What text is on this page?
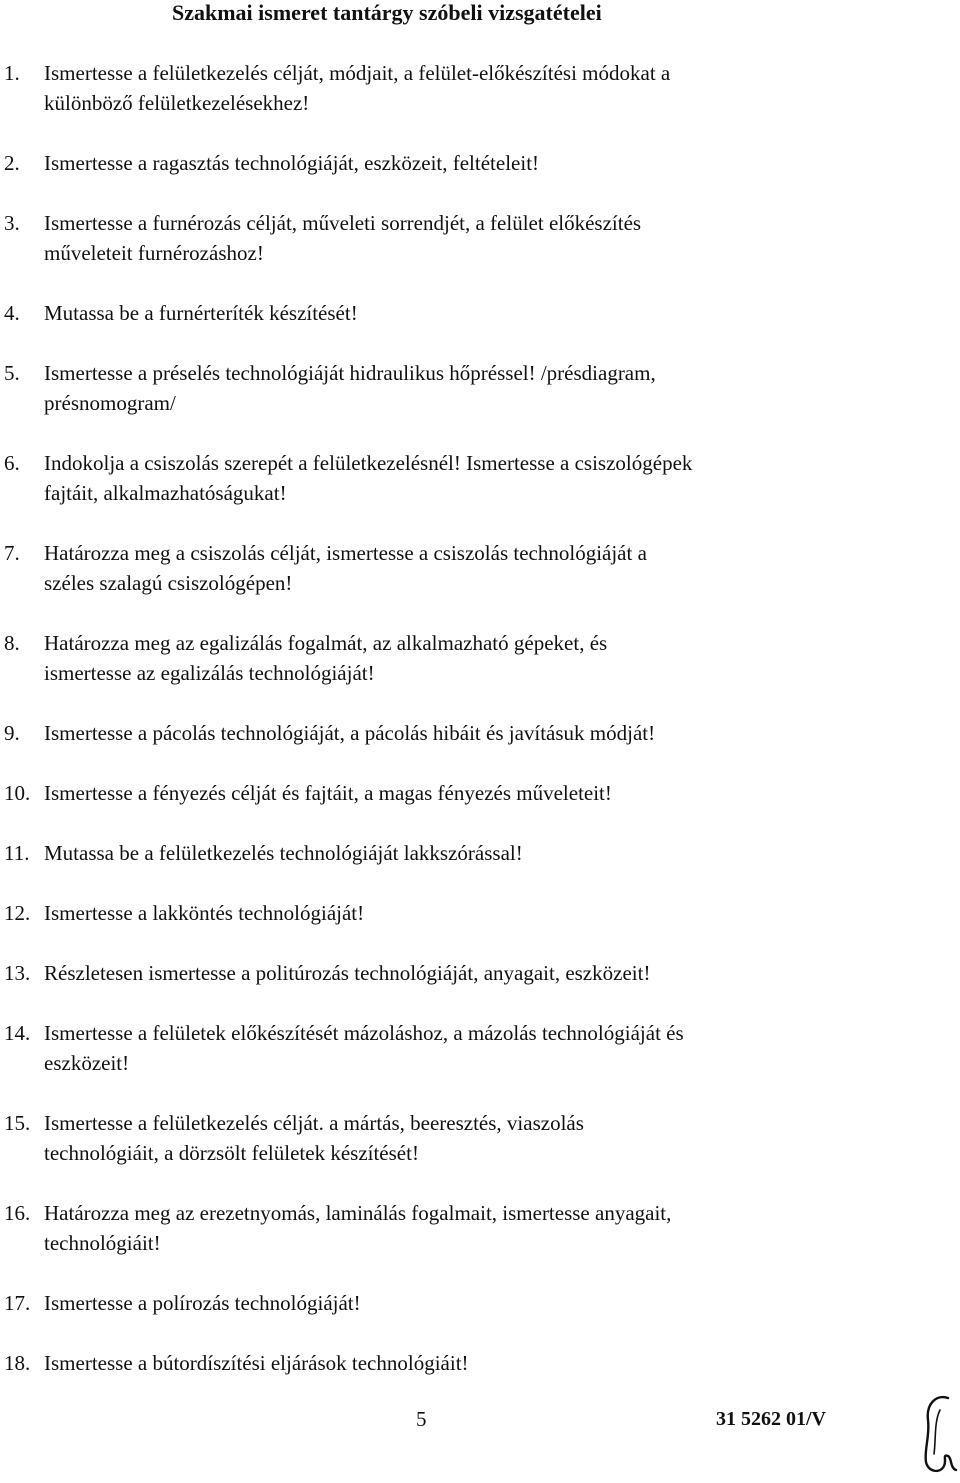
Szakmai ismeret tantárgy szóbeli vizsgatételei
1. Ismertesse a felületkezelés célját, módjait, a felület-előkészítési módokat a
különböző felületkezelésekhez!
2. Ismertesse a ragasztás technológiáját, eszközeit, feltételeit!
3. Ismertesse a furnérozás célját, műveleti sorrendjét, a felület előkészítés
műveleteit furnérozáshoz!
4. Mutassa be a furnérteríték készítését!
5. Ismertesse a préselés technológiáját hidraulikus hőpréssel! /présdiagram,
présnomogram/
6. Indokolja a csiszolás szerepét a felületkezelésnél! Ismertesse a csiszológépek
fajtáit, alkalmazhatóságukat!
7. Határozza meg a csiszolás célját, ismertesse a csiszolás technológiáját a
széles szalagú csiszológépen!
8. Határozza meg az egalizálás fogalmát, az alkalmazható gépeket, és
ismertesse az egalizálás technológiáját!
9. Ismertesse a pácolás technológiáját, a pácolás hibáit és javításuk módját!
10. Ismertesse a fényezés célját és fajtáit, a magas fényezés műveleteit!
11. Mutassa be a felületkezelés technológiáját lakkszórással!
12. Ismertesse a lakköntés technológiáját!
13. Részletesen ismertesse a politúrozás technológiáját, anyagait, eszközeit!
14. Ismertesse a felületek előkészítését mázoláshoz, a mázolás technológiáját és
eszközeit!
15. Ismertesse a felületkezelés célját. a mártás, beeresztés, viaszolás
technológiáit, a dörzsölt felületek készítését!
16. Határozza meg az erezetnyomás, laminálás fogalmait, ismertesse anyagait,
technológiáit!
17. Ismertesse a polírozás technológiáját!
18. Ismertesse a bútordíszítési eljárások technológiáit!
5	31 5262 01/V
